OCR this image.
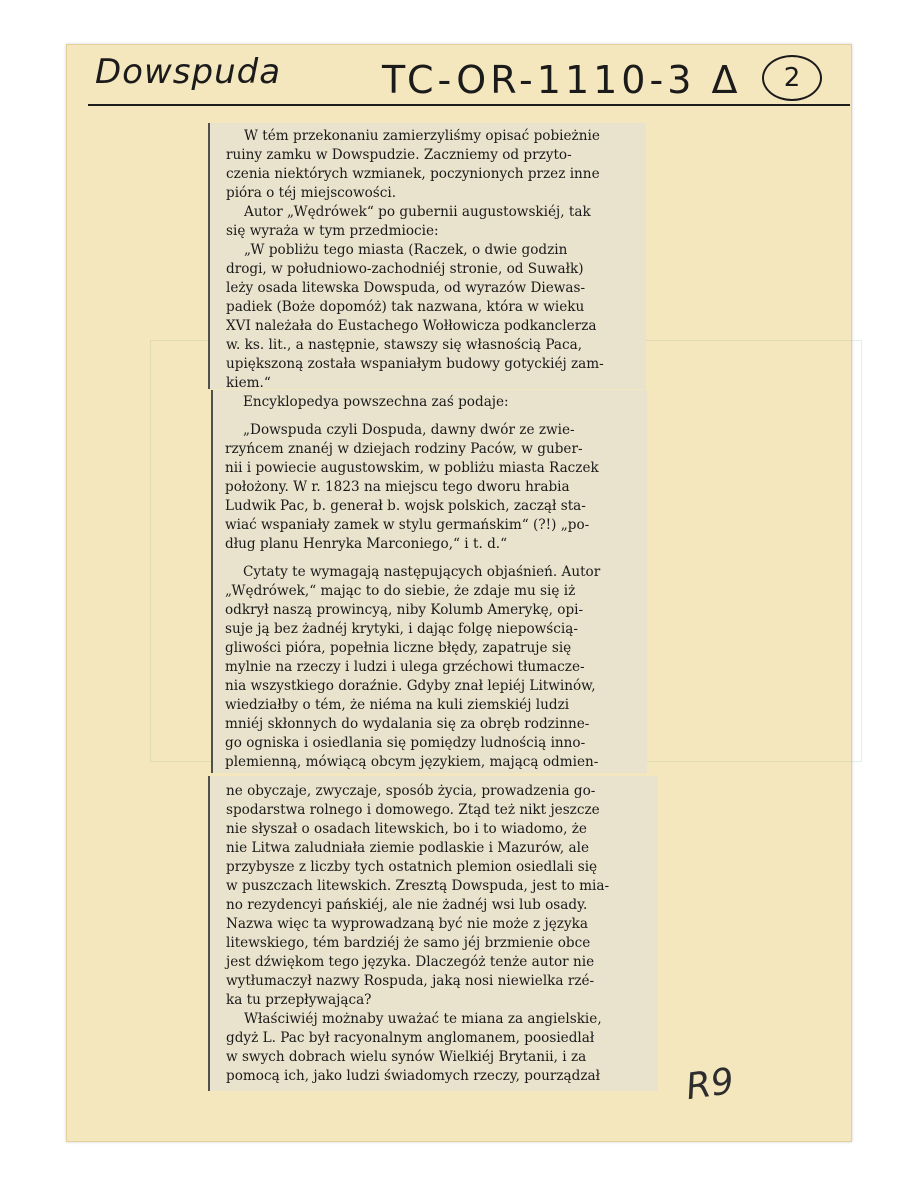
Dowspuda	TC-OR-1110-3 Δ	2

W tém przekonaniu zamierzyliśmy opisać pobieżnie

ruiny zamku w Dowspudzie. Zaczniemy od przyto-

czenia niektórych wzmianek, poczynionych przez inne

pióra o téj miejscowości.

Autor „Wędrówek“ po gubernii augustowskiéj, tak

się wyraża w tym przedmiocie:

„W pobliżu tego miasta (Raczek, o dwie godzin

drogi, w południowo-zachodniéj stronie, od Suwałk)

leży osada litewska Dowspuda, od wyrazów Diewas-

padiek (Boże dopomóż) tak nazwana, która w wieku

XVI należała do Eustachego Wołłowicza podkanclerza

w. ks. lit., a następnie, stawszy się własnością Paca,

upiększoną została wspaniałym budowy gotyckiéj zam-

kiem.“

Encyklopedya powszechna zaś podaje:

„Dowspuda czyli Dospuda, dawny dwór ze zwie-

rzyńcem znanéj w dziejach rodziny Paców, w guber-

nii i powiecie augustowskim, w pobliżu miasta Raczek

położony. W r. 1823 na miejscu tego dworu hrabia

Ludwik Pac, b. generał b. wojsk polskich, zaczął sta-

wiać wspaniały zamek w stylu germańskim“ (?!) „po-

dług planu Henryka Marconiego,“ i t. d.“

Cytaty te wymagają następujących objaśnień. Autor

„Wędrówek,“ mając to do siebie, że zdaje mu się iż

odkrył naszą prowincyą, niby Kolumb Amerykę, opi-

suje ją bez żadnéj krytyki, i dając folgę niepowścią-

gliwości pióra, popełnia liczne błędy, zapatruje się

mylnie na rzeczy i ludzi i ulega grzéchowi tłumacze-

nia wszystkiego doraźnie. Gdyby znał lepiéj Litwinów,

wiedziałby o tém, że niéma na kuli ziemskiéj ludzi

mniéj skłonnych do wydalania się za obręb rodzinne-

go ogniska i osiedlania się pomiędzy ludnością inno-

plemienną, mówiącą obcym językiem, mającą odmien-

ne obyczaje, zwyczaje, sposób życia, prowadzenia go-

spodarstwa rolnego i domowego. Ztąd też nikt jeszcze

nie słyszał o osadach litewskich, bo i to wiadomo, że

nie Litwa zaludniała ziemie podlaskie i Mazurów, ale

przybysze z liczby tych ostatnich plemion osiedlali się

w puszczach litewskich. Zresztą Dowspuda, jest to mia-

no rezydencyi pańskiéj, ale nie żadnéj wsi lub osady.

Nazwa więc ta wyprowadzaną być nie może z języka

litewskiego, tém bardziéj że samo jéj brzmienie obce

jest dźwiękom tego języka. Dlaczegóż tenże autor nie

wytłumaczył nazwy Rospuda, jaką nosi niewielka rzé-

ka tu przepływająca?

Właściwiéj możnaby uważać te miana za angielskie,

gdyż L. Pac był racyonalnym anglomanem, poosiedlał

w swych dobrach wielu synów Wielkiéj Brytanii, i za

pomocą ich, jako ludzi świadomych rzeczy, pourządzał	R9
